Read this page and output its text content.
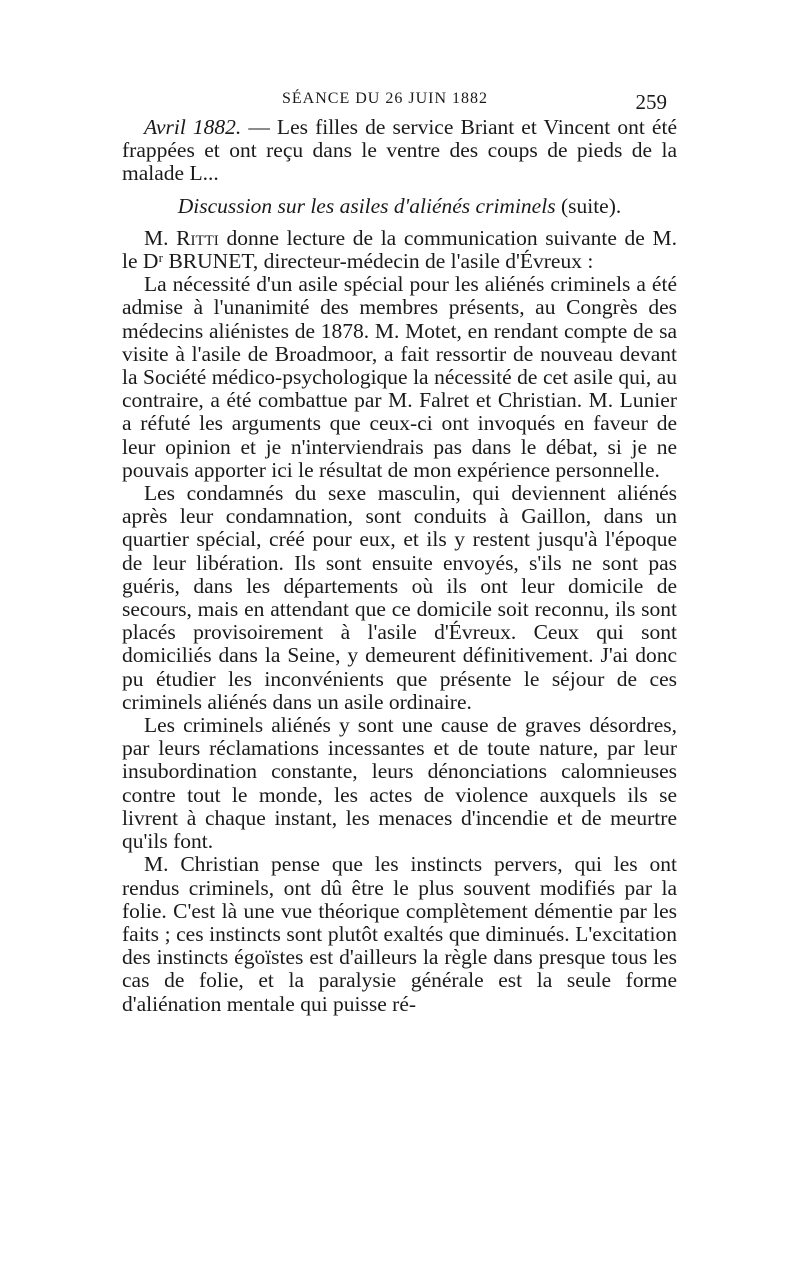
SÉANCE DU 26 JUIN 1882	259

Avril 1882. — Les filles de service Briant et Vincent ont été frappées et ont reçu dans le ventre des coups de pieds de la malade L...

Discussion sur les asiles d'aliénés criminels (suite).

M. Ritti donne lecture de la communication suivante de M. le Dʳ BRUNET, directeur-médecin de l'asile d'Évreux :

La nécessité d'un asile spécial pour les aliénés criminels a été admise à l'unanimité des membres présents, au Congrès des médecins aliénistes de 1878. M. Motet, en rendant compte de sa visite à l'asile de Broadmoor, a fait ressortir de nouveau devant la Société médico-psychologique la nécessité de cet asile qui, au contraire, a été combattue par M. Falret et Christian. M. Lunier a réfuté les arguments que ceux-ci ont invoqués en faveur de leur opinion et je n'interviendrais pas dans le débat, si je ne pouvais apporter ici le résultat de mon expérience personnelle.

Les condamnés du sexe masculin, qui deviennent aliénés après leur condamnation, sont conduits à Gaillon, dans un quartier spécial, créé pour eux, et ils y restent jusqu'à l'époque de leur libération. Ils sont ensuite envoyés, s'ils ne sont pas guéris, dans les départements où ils ont leur domicile de secours, mais en attendant que ce domicile soit reconnu, ils sont placés provisoirement à l'asile d'Évreux. Ceux qui sont domiciliés dans la Seine, y demeurent définitivement. J'ai donc pu étudier les inconvénients que présente le séjour de ces criminels aliénés dans un asile ordinaire.

Les criminels aliénés y sont une cause de graves désordres, par leurs réclamations incessantes et de toute nature, par leur insubordination constante, leurs dénonciations calomnieuses contre tout le monde, les actes de violence auxquels ils se livrent à chaque instant, les menaces d'incendie et de meurtre qu'ils font.

M. Christian pense que les instincts pervers, qui les ont rendus criminels, ont dû être le plus souvent modifiés par la folie. C'est là une vue théorique complètement démentie par les faits ; ces instincts sont plutôt exaltés que diminués. L'excitation des instincts égoïstes est d'ailleurs la règle dans presque tous les cas de folie, et la paralysie générale est la seule forme d'aliénation mentale qui puisse ré-
